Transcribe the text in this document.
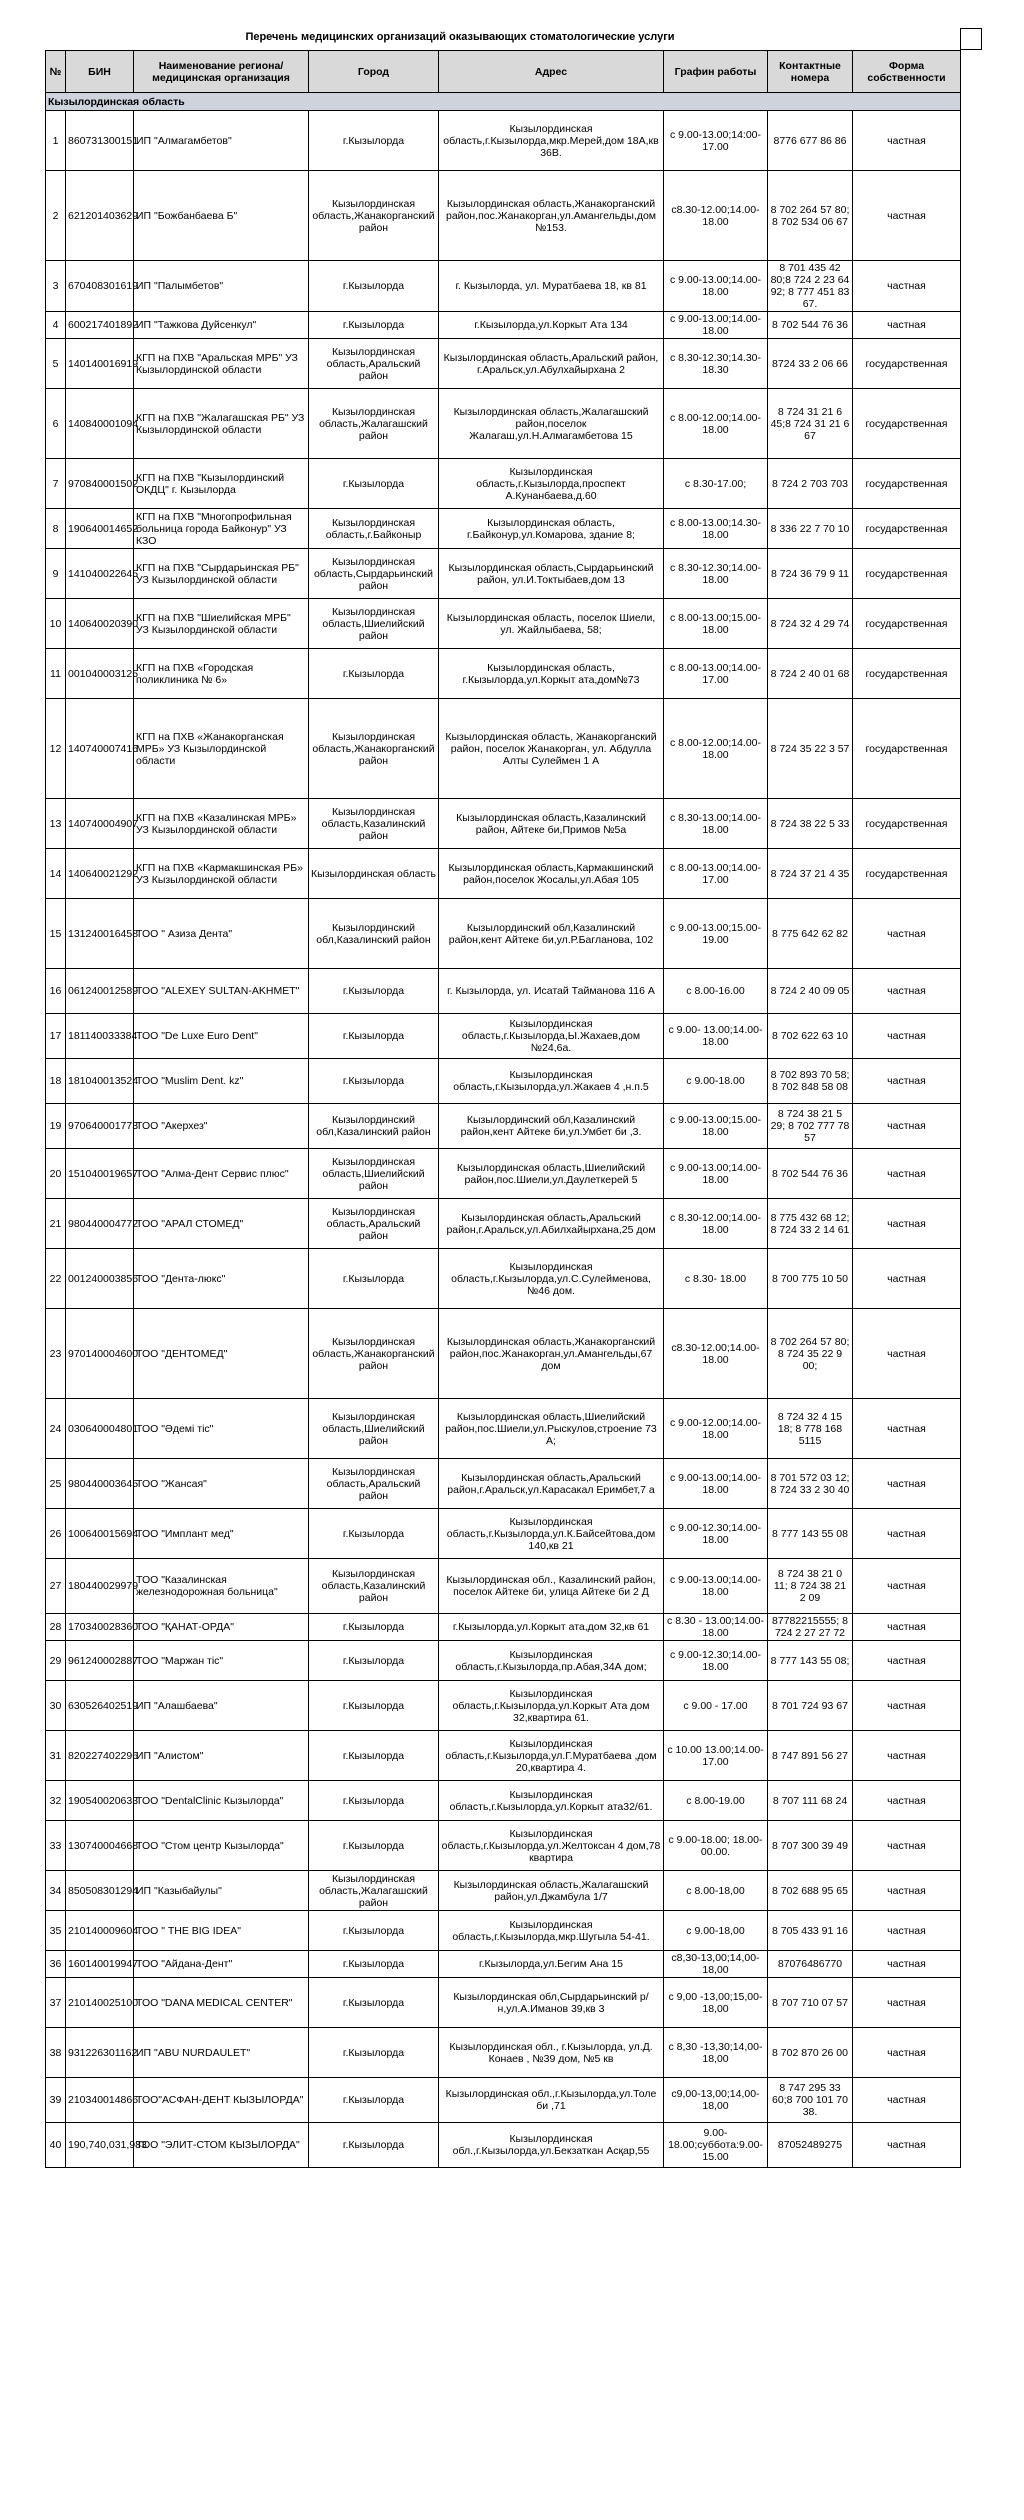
Перечень медицинских организаций оказывающих стоматологические услуги
№	БИН	Наименование региона/ медицинская организация	Город	Адрес	Графин работы	Контактные номера	Форма собственности
Кызылординская область							
1	860731300151	ИП "Алмагамбетов"	г.Кызылорда	Кызылординская область,г.Кызылорда,мкр.Мерей,дом 18А,кв 36В.	с 9.00-13.00;14:00-17.00	8776 677 86 86	частная
2	621201403629	ИП "Божбанбаева Б"	Кызылординская область,Жанакорганский район	Кызылординская область,Жанакорганский район,пос.Жанакорган,ул.Амангельды,дом №153.	с8.30-12.00;14.00-18.00	8 702 264 57 80; 8 702 534 06 67	частная
3	670408301619	ИП "Палымбетов"	г.Кызылорда	г. Кызылорда, ул. Муратбаева 18, кв 81	с 9.00-13.00;14.00-18.00	8 701 435 42 80;8 724 2 23 64 92; 8 777 451 83 67.	частная
4	600217401892	ИП "Тажкова Дуйсенкул"	г.Кызылорда	г.Кызылорда,ул.Коркыт Ата 134	с 9.00-13.00;14.00-18.00	8 702 544 76 36	частная
5	140140016919	КГП на ПХВ "Аральская МРБ" УЗ Кызылординской области	Кызылординская область,Аральский район	Кызылординская область,Аральский район, г.Аральск,ул.Абулхайырхана 2	с 8.30-12.30;14.30-18.30	8724 33 2 06 66	государственная
6	140840001094	КГП на ПХВ "Жалагашская РБ" УЗ Кызылординской области	Кызылординская область,Жалагашский район	Кызылординская область,Жалагашский район,поселок Жалагаш,ул.Н.Алмагамбетова 15	с 8.00-12.00;14.00-18.00	8 724 31 21 6 45;8 724 31 21 6 67	государственная
7	970840001502	КГП на ПХВ "Кызылординский ОКДЦ" г. Кызылорда	г.Кызылорда	Кызылординская область,г.Кызылорда,проспект А.Кунанбаева,д.60	с 8.30-17.00;	8 724 2 703 703	государственная
8	190640014652	КГП на ПХВ "Многопрофильная больница города Байконур" УЗ КЗО	Кызылординская область,г.Байконыр	Кызылординская область, г.Байконур,ул.Комарова, здание 8;	с 8.00-13.00;14.30-18.00	8 336 22 7 70 10	государственная
9	141040022645	КГП на ПХВ "Сырдарьинская РБ" УЗ Кызылординской области	Кызылординская область,Сырдарьинский район	Кызылординская область,Сырдарьинский район, ул.И.Токтыбаев,дом 13	с 8.30-12.30;14.00-18.00	8 724 36 79 9 11	государственная
10	140640020390	КГП на ПХВ "Шиелийская МРБ" УЗ Кызылординской области	Кызылординская область,Шиелийский район	Кызылординская область, поселок Шиели, ул. Жайлыбаева, 58;	с 8.00-13.00;15.00-18.00	8 724 32 4 29 74	государственная
11	001040003125	КГП на ПХВ «Городская поликлиника № 6»	г.Кызылорда	Кызылординская область, г.Кызылорда,ул.Коркыт ата,дом№73	с 8.00-13.00;14.00-17.00	8 724 2 40 01 68	государственная
12	140740007416	КГП на ПХВ «Жанакорганская МРБ» УЗ Кызылординской области	Кызылординская область,Жанакорганский район	Кызылординская область, Жанакорганский район, поселок Жанакорган, ул. Абдулла Алты Сулеймен 1 А	с 8.00-12.00;14.00-18.00	8 724 35 22 3 57	государственная
13	140740004907	КГП на ПХВ «Казалинская МРБ» УЗ Кызылординской области	Кызылординская область,Казалинский район	Кызылординская область,Казалинский район, Айтеке би,Примов №5а	с 8.30-13.00;14.00-18.00	8 724 38 22 5 33	государственная
14	140640021292	КГП на ПХВ «Кармакшинская РБ» УЗ Кызылординской области	Кызылординская область	Кызылординская область,Кармакшинский район,поселок Жосалы,ул.Абая 105	с 8.00-13.00;14.00-17.00	8 724 37 21 4 35	государственная
15	131240016458	ТОО " Азиза Дента"	Кызылординский обл,Казалинский район	Кызылординский обл,Казалинский район,кент Айтеке би,ул.Р.Баглан​ова, 102	с 9.00-13.00;15.00-19.00	8 775 642 62 82	частная
16	061240012589	ТОО "ALEXEY SULTAN-AKHMET"	г.Кызылорда	г. Кызылорда, ул. Исатай Тайманова 116 А	с 8.00-16.00	8 724 2 40 09 05	частная
17	181140033384	ТОО "De Luxe Euro Dent"	г.Кызылорда	Кызылординская область,г.Кызылорда,Ы.Жахаев,дом №24,6а.	с 9.00- 13.00;14.00-18.00	8 702 622 63 10	частная
18	181040013524	ТОО "Muslim Dent. kz"	г.Кызылорда	Кызылординская область,г.Кызылорда,ул.Жакаев 4 ,н.п.5	с 9.00-18.00	8 702 893 70 58; 8 702 848 58 08	частная
19	970640001773	ТОО "Акерхез"	Кызылординский обл,Казалинский район	Кызылординский обл,Казалинский район,кент Айтеке би,ул.Умбет би ,3.	с 9.00-13.00;15.00-18.00	8 724 38 21 5 29; 8 702 777 78 57	частная
20	151040019657	ТОО "Алма-Дент Сервис плюс"	Кызылординская область,Шиелийский район	Кызылординская область,Шиелийский район,пос.Шиели,ул.Даулеткерей 5	с 9.00-13.00;14.00-18.00	8 702 544 76 36	частная
21	980440004772	ТОО "АРАЛ СТОМЕД"	Кызылординская область,Аральский район	Кызылординская область,Аральский район,г.Аральск,ул.Абилхайырхана,25 дом	с 8.30-12.00;14.00-18.00	8 775 432 68 12; 8 724 33 2 14 61	частная
22	001240003856	ТОО "Дента-люкс"	г.Кызылорда	Кызылординская область,г.Кызылорда,ул.С.Сулейменова, №46 дом.	с 8.30- 18.00	8 700 775 10 50	частная
23	970140004600	ТОО "ДЕНТОМЕД"	Кызылординская область,Жанакорганский район	Кызылординская область,Жанакорганский район,пос.Жанакорган,ул.Амангельды,67 дом	с8.30-12.00;14.00-18.00	8 702 264 57 80; 8 724 35 22 9 00;	частная
24	030640004801	ТОО "Әдемі тіс"	Кызылординская область,Шиелийский район	Кызылординская область,Шиелийский район,пос.Шиели,ул.Рыскулов,строение 73 А;	с 9.00-12.00;14.00-18.00	8 724 32 4 15 18; 8 778 168 5115	частная
25	980440003645	ТОО "Жансая"	Кызылординская область,Аральский район	Кызылординская область,Аральский район,г.Аральск,ул.Карасакал Еримбет,7 а	с 9.00-13.00;14.00-18.00	8 701 572 03 12; 8 724 33 2 30 40	частная
26	100640015694	ТОО "Имплант мед"	г.Кызылорда	Кызылординская область,г.Кызылорда,ул.К.Байсейтова,дом 140,кв 21	с 9.00-12.30;14.00-18.00	8 777 143 55 08	частная
27	180440029979	ТОО "Казалинская железнодорожная больница"	Кызылординская область,Казалинский район	Кызылординская обл., Казалинский район, поселок Айтеке би, улица Айтеке би 2 Д	с 9.00-13.00;14.00-18.00	8 724 38 21 0 11; 8 724 38 21 2 09	частная
28	170340028360	ТОО "ҚАНАТ-ОРДА"	г.Кызылорда	г.Кызылорда,ул.Коркыт ата,дом 32,кв 61	с 8.30 - 13.00;14.00-18.00	87782215555; 8 724 2 27 27 72	частная
29	961240002887	ТОО "Маржан тіс"	г.Кызылорда	Кызылординская область,г.Кызылорда,пр.Абая,34А дом;	с 9.00-12.30;14.00-18.00	8 777 143 55 08;	частная
30	630526402519	ИП "Алашбаева"	г.Кызылорда	Кызылординская область,г.Кызылорда,ул.Коркыт Ата дом 32,квартира 61.	с 9.00 - 17.00	8 701 724 93 67	частная
31	820227402296	ИП "Алистом"	г.Кызылорда	Кызылординская область,г.Кызылорда,ул.Г.Муратбаева ,дом 20,квартира 4.	с 10.00 13.00;14.00-17.00	8 747 891 56 27	частная
32	190540020633	ТОО "DentalClinic Кызылорда"	г.Кызылорда	Кызылординская область,г.Кызылорда,ул.Коркыт ата32/61.	с 8.00-19.00	8 707 111 68 24	частная
33	130740004668	ТОО "Стом центр Кызылорда"	г.Кызылорда	Кызылординская область,г.Кызылорда,ул.Желтоксан 4 дом,78 квартира	с 9.00-18.00; 18.00-00.00.	8 707 300 39 49	частная
34	850508301294	ИП "Казыбайулы"	Кызылординская область,Жалагашский район	Кызылординская область,Жалагашский район,ул.Джамбула 1/7	с 8.00-18,00	8 702 688 95 65	частная
35	210140009604	ТОО " THE BIG IDEA"	г.Кызылорда	Кызылординская область,г.Кызылорда,мкр.Шугыла 54-41.	с 9.00-18,00	8 705 433 91 16	частная
36	160140019947	ТОО "Айдана-Дент"	г.Кызылорда	г.Кызылорда,ул.Бегим Ана 15	с8,30-13,00;14,00-18,00	87076486770	частная
37	210140025100	ТОО "DANA MEDICAL CENTER"	г.Кызылорда	Кызылординская обл,Сырдарьинский р/н,ул.А.Иманов 39,кв 3	с 9,00 -13,00;15,00-18,00	8 707 710 07 57	частная
38	931226301162	ИП "ABU NURDAULET"	г.Кызылорда	Кызылординская обл., г.Кызылорда, ул.Д. Конаев , №39 дом, №5 кв	с 8,30 -13,30;14,00-18,00	8 702 870 26 00	частная
39	210340014866	ТОО"АСФАН-ДЕНТ КЫЗЫЛОРДА"	г.Кызылорда	Кызылординская обл.,г.Кызылорда,ул.Толе би ,71	с9,00-13,00;14,00-18,00	8 747 295 33 60;8 700 101 70 38.	частная
40	190,740,031,983	ТОО "ЭЛИТ-СТОМ КЫЗЫЛОРДА"	г.Кызылорда	Кызылординская обл.,г.Кызылорда,ул.Бекзаткан Асқар,55	9.00-18.00;суббота:9.00-15.00	87052489275	частная
